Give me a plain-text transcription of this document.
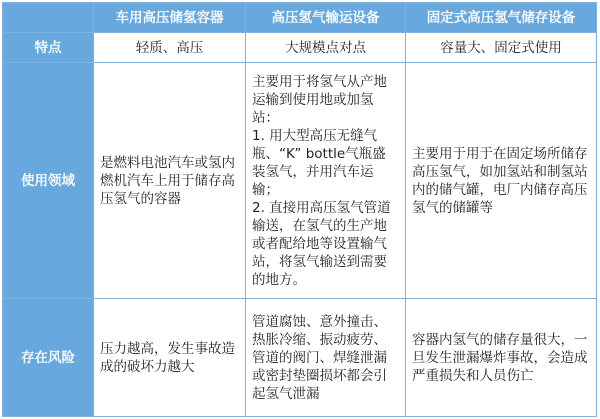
	车用高压储氢容器	高压氢气输运设备	固定式高压氢气储存设备
特点	轻质、高压	大规模点对点	容量大、固定式使用
使用领域	是燃料电池汽车或氢内燃机汽车上用于储存高压氢气的容器	主要用于将氢气从产地运输到使用地或加氢站：
1. 用大型高压无缝气瓶、“K” bottle气瓶盛装氢气，并用汽车运输；
2. 直接用高压氢气管道输送，在氢气的生产地或者配给地等设置输气站，将氢气输送到需要的地方。	主要用于用于在固定场所储存高压氢气，如加氢站和制氢站内的储气罐，电厂内储存高压氢气的储罐等
存在风险	压力越高，发生事故造成的破坏力越大	管道腐蚀、意外撞击、热胀冷缩、振动疲劳、管道的阀门、焊缝泄漏或密封垫圈损坏都会引起氢气泄漏	容器内氢气的储存量很大，一旦发生泄漏爆炸事故，会造成严重损失和人员伤亡
